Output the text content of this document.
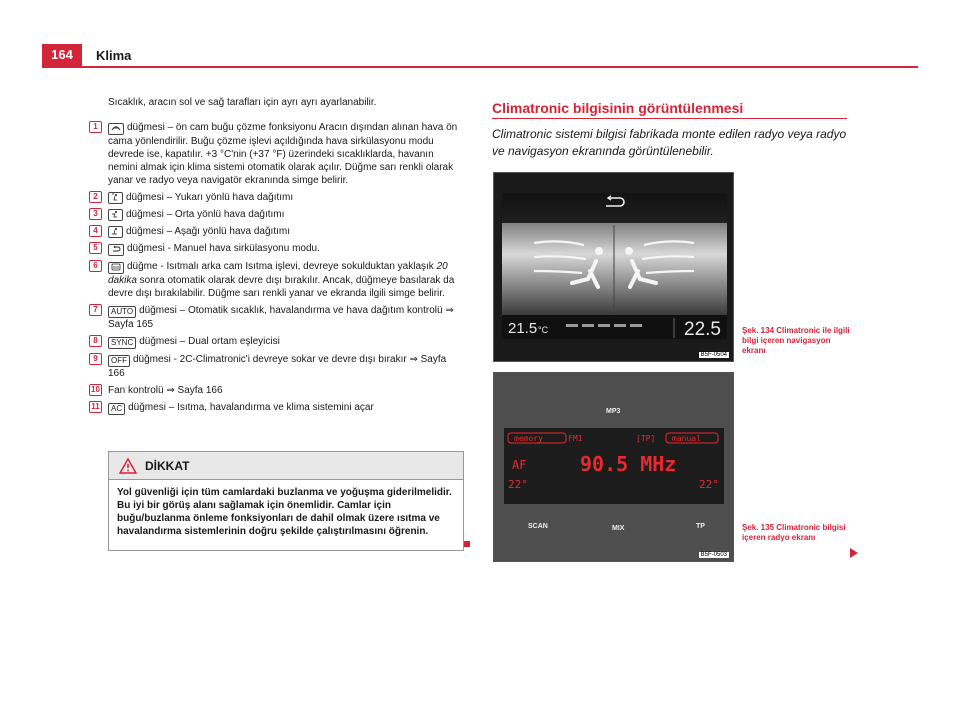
164	Klima

Sıcaklık, aracın sol ve sağ tarafları için ayrı ayrı ayarlanabilir.

1	düğmesi – ön cam buğu çözme fonksiyonu Aracın dışından alınan hava ön cama yönlendirilir. Buğu çözme işlevi açıldığında hava sirkülasyonu modu devrede ise, kapatılır. +3 °C'nin (+37 °F) üzerindeki sıcaklıklarda, havanın nemini almak için klima sistemi otomatik olarak açılır. Düğme sarı renkli olarak yanar ve radyo veya navigatör ekranında simge belirir.
2	düğmesi – Yukarı yönlü hava dağıtımı
3	düğmesi – Orta yönlü hava dağıtımı
4	düğmesi – Aşağı yönlü hava dağıtımı
5	düğmesi - Manuel hava sirkülasyonu modu.
6	düğme - Isıtmalı arka cam Isıtma işlevi, devreye sokulduktan yaklaşık 20 dakika sonra otomatik olarak devre dışı bırakılır. Ancak, düğmeye basılarak da devre dışı bırakılabilir. Düğme sarı renkli yanar ve ekranda ilgili simge belirir.
7	AUTO düğmesi – Otomatik sıcaklık, havalandırma ve hava dağıtım kontrolü ⇒ Sayfa 165
8	SYNC düğmesi – Dual ortam eşleyicisi
9	OFF düğmesi - 2C-Climatronic'i devreye sokar ve devre dışı bırakır ⇒ Sayfa 166
10 Fan kontrolü ⇒ Sayfa 166
11 AC düğmesi – Isıtma, havalandırma ve klima sistemini açar
DİKKAT
Yol güvenliği için tüm camlardaki buzlanma ve yoğuşma giderilmelidir. Bu iyi bir görüş alanı sağlamak için önemlidir. Camlar için buğu/buzlanma önleme fonksiyonları de dahil olmak üzere ısıtma ve havalandırma sistemlerinin doğru şekilde çalıştırılmasını öğrenin.
Climatronic bilgisinin görüntülenmesi
Climatronic sistemi bilgisi fabrikada monte edilen radyo veya radyo ve navigasyon ekranında görüntülenebilir.
21.5 °C	22.5
B5F-0504
Şek. 134 Climatronic ile ilgili bilgi içeren navigasyon ekranı
MP3
memory	FM1	[TP] manual
AF	90.5 MHz
22°	22°
SCAN	MIX	TP
B5F-0503
Şek. 135 Climatronic bilgisi içeren radyo ekranı
